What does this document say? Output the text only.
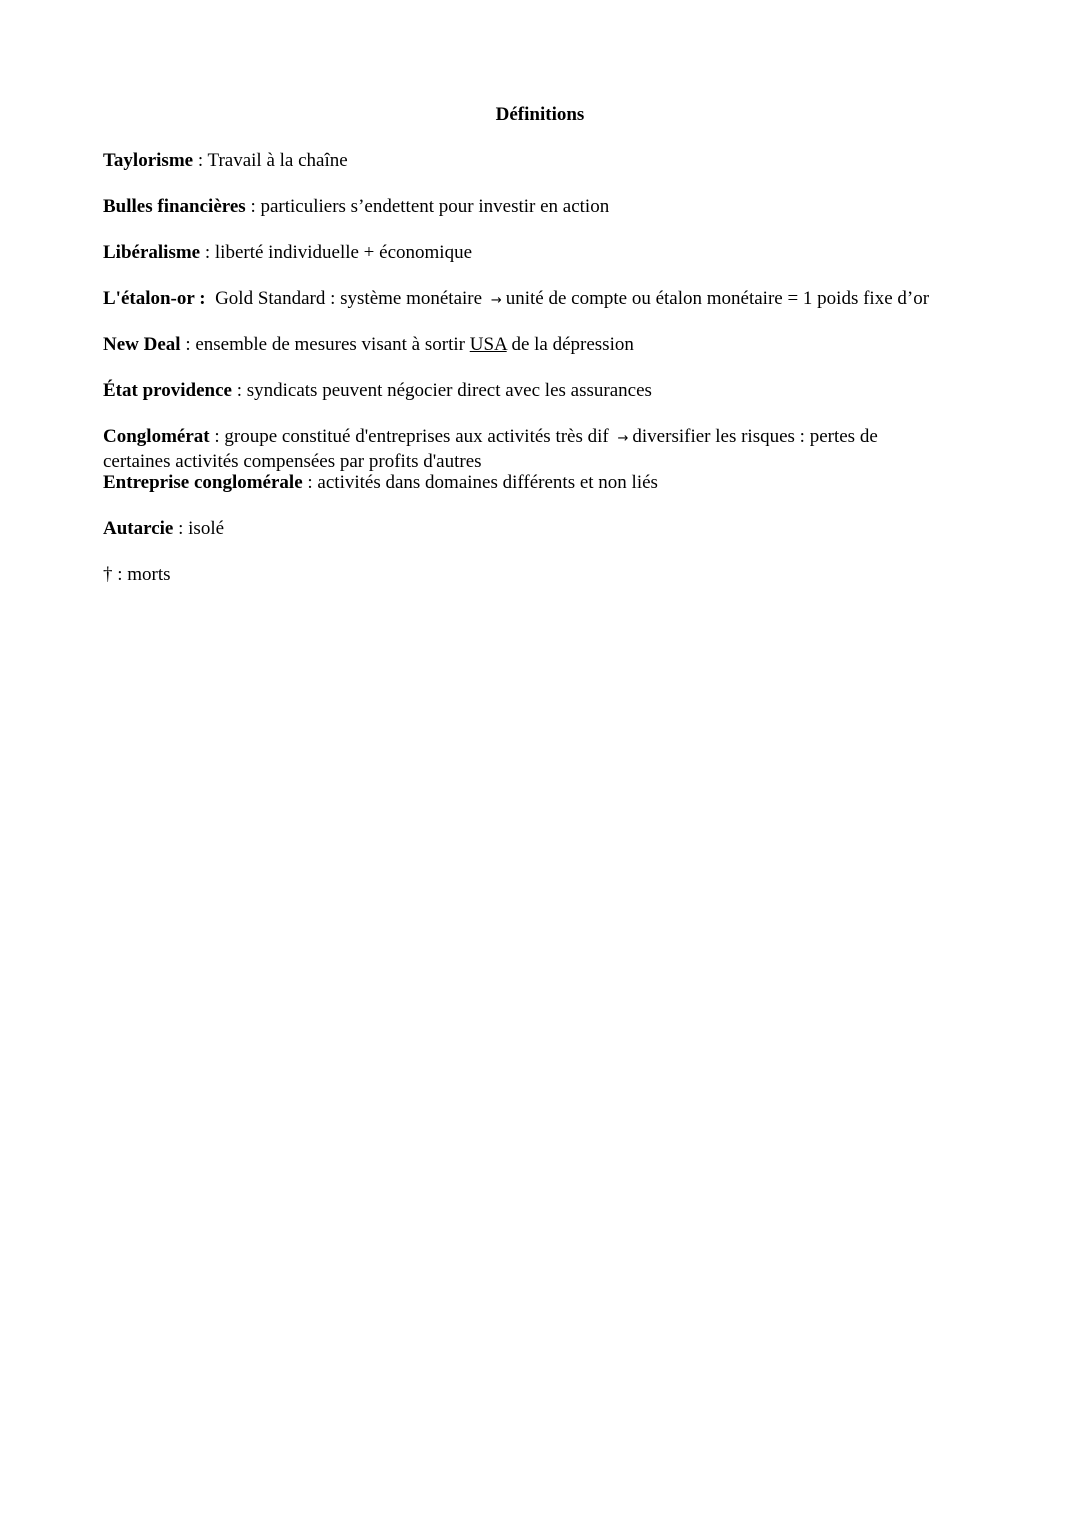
Définitions
Taylorisme : Travail à la chaîne
Bulles financières : particuliers s’endettent pour investir en action
Libéralisme : liberté individuelle + économique
L'étalon-or : Gold Standard : système monétaire → unité de compte ou étalon monétaire = 1 poids fixe d’or
New Deal : ensemble de mesures visant à sortir USA de la dépression
État providence : syndicats peuvent négocier direct avec les assurances
Conglomérat : groupe constitué d'entreprises aux activités très dif → diversifier les risques : pertes de certaines activités compensées par profits d'autres
Entreprise conglomérale : activités dans domaines différents et non liés
Autarcie : isolé
† : morts
